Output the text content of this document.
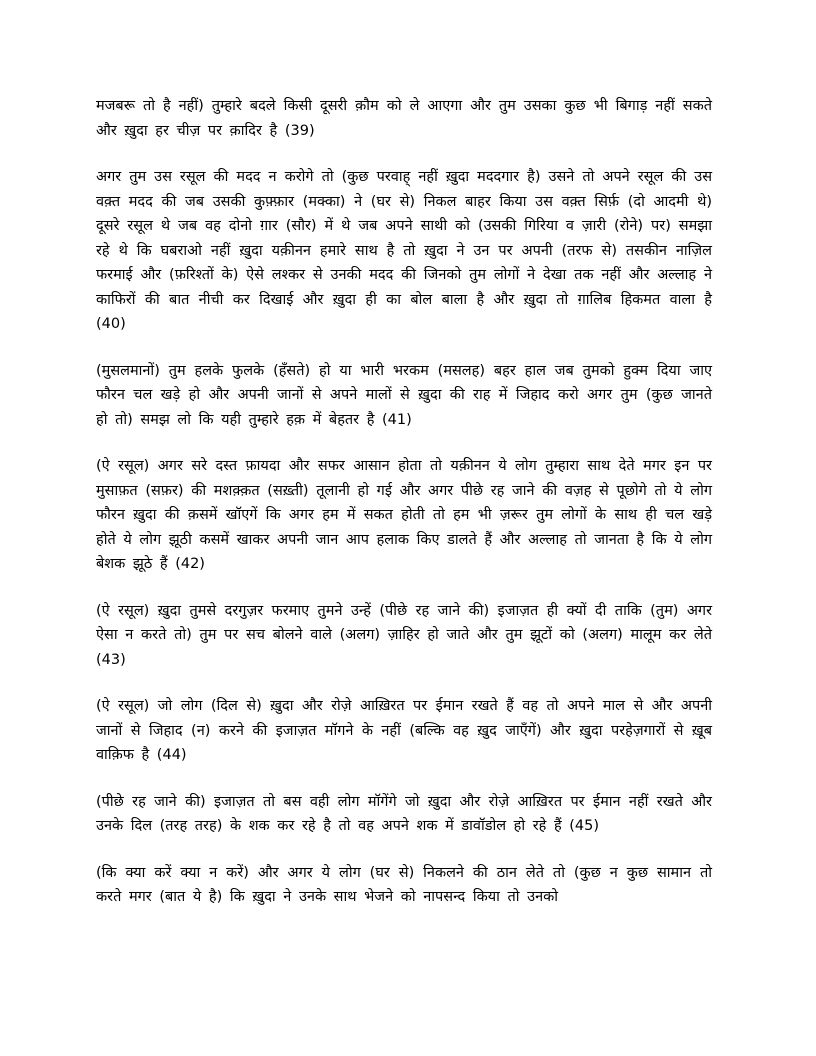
मजबरू तो है नहीं) तुम्हारे बदले किसी दूसरी क़ौम को ले आएगा और तुम उसका कुछ भी बिगाड़ नहीं सकते और ख़ुदा हर चीज़ पर क़ादिर है (39)

अगर तुम उस रसूल की मदद न करोगे तो (कुछ परवाह् नहीं ख़ुदा मददगार है) उसने तो अपने रसूल की उस वक़्त मदद की जब उसकी कुफ़्फ़ार (मक्का) ने (घर से) निकल बाहर किया उस वक़्त सिर्फ़ (दो आदमी थे) दूसरे रसूल थे जब वह दोनो ग़ार (सौर) में थे जब अपने साथी को (उसकी गिरिया व ज़ारी (रोने) पर) समझा रहे थे कि घबराओ नहीं ख़ुदा यक़ीनन हमारे साथ है तो ख़ुदा ने उन पर अपनी (तरफ से) तसकीन नाज़िल फरमाई और (फ़रिश्तों के) ऐसे लश्कर से उनकी मदद की जिनको तुम लोगों ने देखा तक नहीं और अल्लाह ने काफिरों की बात नीची कर दिखाई और ख़ुदा ही का बोल बाला है और ख़ुदा तो ग़ालिब हिकमत वाला है (40)

(मुसलमानों) तुम हलके फुलके (हँसते) हो या भारी भरकम (मसलह) बहर हाल जब तुमको हुक्म दिया जाए फौरन चल खड़े हो और अपनी जानों से अपने मालों से ख़ुदा की राह में जिहाद करो अगर तुम (कुछ जानते हो तो) समझ लो कि यही तुम्हारे हक़ में बेहतर है (41)

(ऐ रसूल) अगर सरे दस्त फ़ायदा और सफर आसान होता तो यक़ीनन ये लोग तुम्हारा साथ देते मगर इन पर मुसाफ़त (सफ़र) की मशक़्क़त (सख़्ती) तूलानी हो गई और अगर पीछे रह जाने की वज़ह से पूछोगे तो ये लोग फौरन ख़ुदा की क़समें खॉएगें कि अगर हम में सकत होती तो हम भी ज़रूर तुम लोगों के साथ ही चल खड़े होते ये लोग झूठी कसमें खाकर अपनी जान आप हलाक किए डालते हैं और अल्लाह तो जानता है कि ये लोग बेशक झूठे हैं (42)

(ऐ रसूल) ख़ुदा तुमसे दरगुज़र फरमाए तुमने उन्हें (पीछे रह जाने की) इजाज़त ही क्यों दी ताकि (तुम) अगर ऐसा न करते तो) तुम पर सच बोलने वाले (अलग) ज़ाहिर हो जाते और तुम झूटों को (अलग) मालूम कर लेते (43)

(ऐ रसूल) जो लोग (दिल से) ख़ुदा और रोज़े आख़िरत पर ईमान रखते हैं वह तो अपने माल से और अपनी जानों से जिहाद (न) करने की इजाज़त मॉगने के नहीं (बल्कि वह ख़ुद जाएँगें) और ख़ुदा परहेज़गारों से ख़ूब वाक़िफ है (44)

(पीछे रह जाने की) इजाज़त तो बस वही लोग मॉगेंगे जो ख़ुदा और रोज़े आख़िरत पर ईमान नहीं रखते और उनके दिल (तरह तरह) के शक कर रहे है तो वह अपने शक में डावॉडोल हो रहे हैं (45)

(कि क्या करें क्या न करें) और अगर ये लोग (घर से) निकलने की ठान लेते तो (कुछ न कुछ सामान तो करते मगर (बात ये है) कि ख़ुदा ने उनके साथ भेजने को नापसन्द किया तो उनको
